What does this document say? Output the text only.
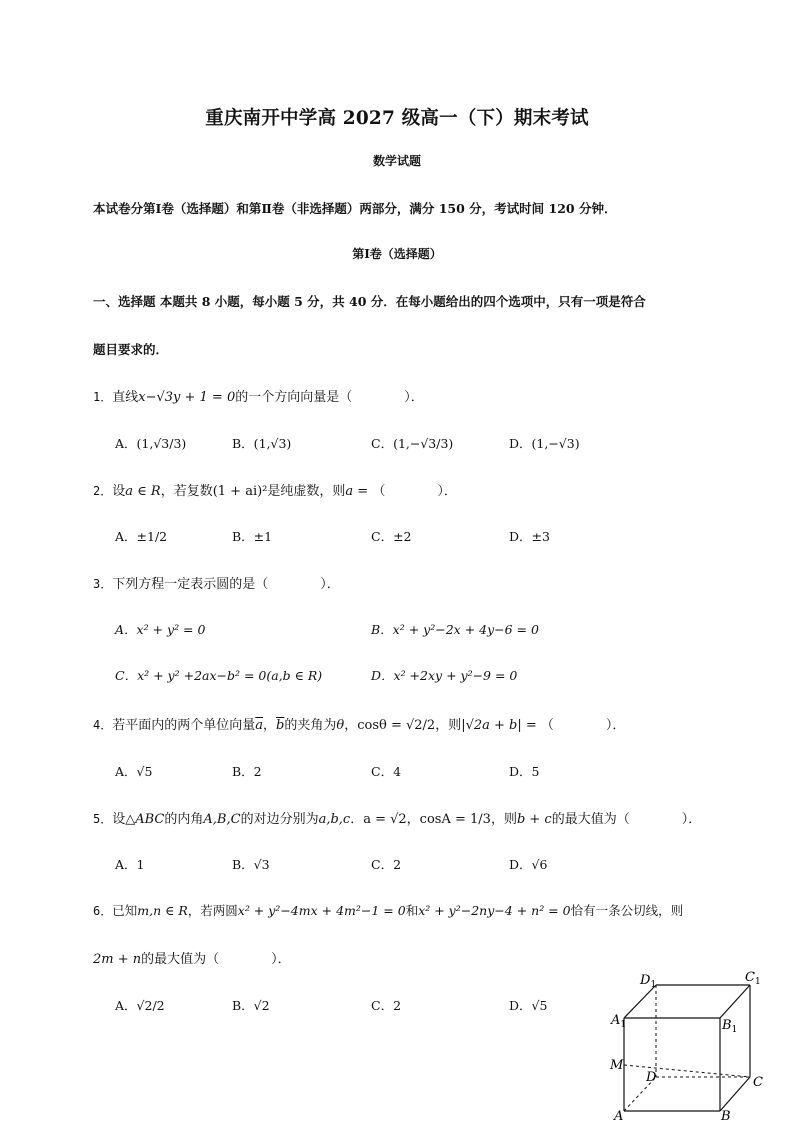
重庆南开中学高 2027 级高一（下）期末考试
数学试题
本试卷分第Ⅰ卷（选择题）和第Ⅱ卷（非选择题）两部分，满分 150 分，考试时间 120 分钟．
第Ⅰ卷（选择题）
一、选择题 本题共 8 小题，每小题 5 分，共 40 分．在每小题给出的四个选项中，只有一项是符合
题目要求的．
1．直线x−√3y + 1 = 0的一个方向向量是（　　　　）．
A．(1,√3/3)	B．(1,√3)	C．(1,−√3/3)	D．(1,−√3)
2．设a ∈ R，若复数(1 + ai)²是纯虚数，则a = （　　　　）．
A．±1/2	B．±1	C．±2	D．±3
3．下列方程一定表示圆的是（　　　　）．
A．x² + y² = 0	B．x² + y²−2x + 4y−6 = 0
C．x² + y² +2ax−b² = 0(a,b ∈ R)	D．x² +2xy + y²−9 = 0
4．若平面内的两个单位向量$\overline{a}$，$\overline{b}$的夹角为θ，cosθ = √2/2，则|√2a + b| = （　　　　）．
A．√5	B．2	C．4	D．5
5．设△ABC的内角A,B,C的对边分别为a,b,c．a = √2，cosA = 1/3，则b + c的最大值为（　　　　）．
A．1	B．√3	C．2	D．√6
6．已知m,n ∈ R，若两圆x² + y²−4mx + 4m²−1 = 0和x² + y²−2ny−4 + n² = 0恰有一条公切线，则
2m + n的最大值为（　　　　）．
A．√2/2	B．√2	C．2	D．√5
$D_1$	$C_1$
$A_1$	$B_1$
M
D	C
A	B
